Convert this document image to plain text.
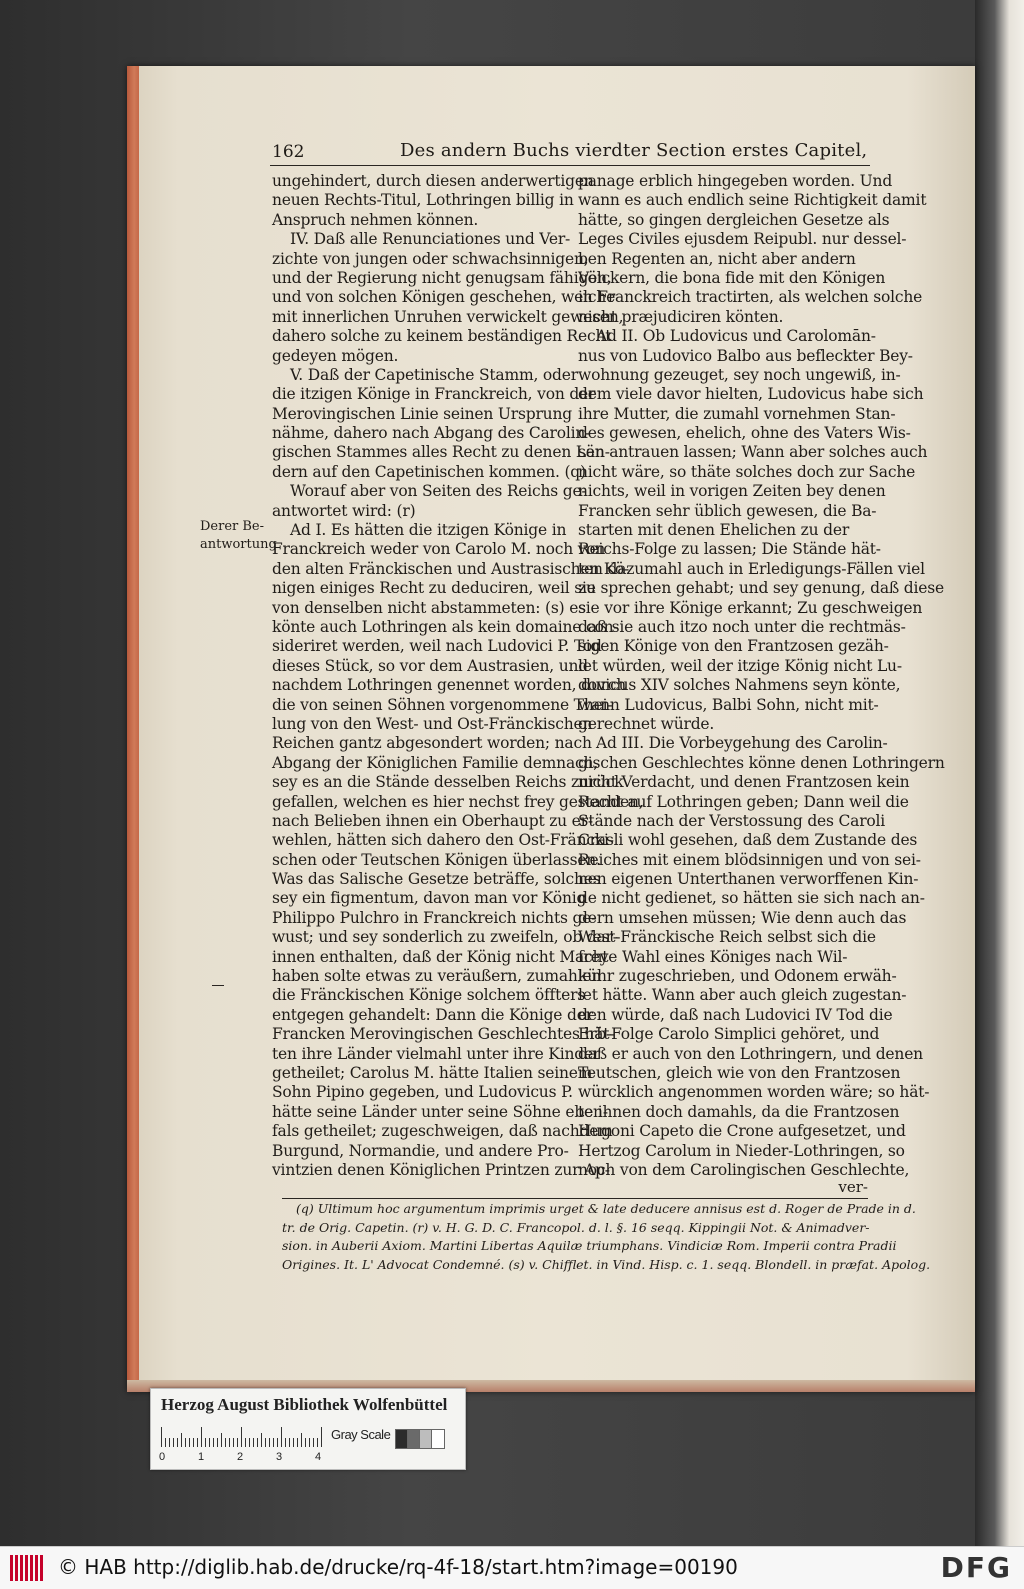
162	Des andern Buchs vierdter Section erstes Capitel,
Derer Be-
antwortung
ungehindert, durch diesen anderwertigen
neuen Rechts-Titul, Lothringen billig in
Anspruch nehmen können.
IV. Daß alle Renunciationes und Ver-
zichte von jungen oder schwachsinnigen,
und der Regierung nicht genugsam fähigen,
und von solchen Königen geschehen, welche
mit innerlichen Unruhen verwickelt gewesen,
dahero solche zu keinem beständigen Recht
gedeyen mögen.
V. Daß der Capetinische Stamm, oder
die itzigen Könige in Franckreich, von der
Merovingischen Linie seinen Ursprung
nähme, dahero nach Abgang des Carolin-
gischen Stammes alles Recht zu denen Län-
dern auf den Capetinischen kommen. (q)
Worauf aber von Seiten des Reichs ge-
antwortet wird: (r)
Ad I. Es hätten die itzigen Könige in
Franckreich weder von Carolo M. noch von
den alten Fränckischen und Austrasischen Kö-
nigen einiges Recht zu deduciren, weil sie
von denselben nicht abstammeten: (s) es
könte auch Lothringen als kein domaine con-
sideriret werden, weil nach Ludovici P. Tod
dieses Stück, so vor dem Austrasien, und
nachdem Lothringen genennet worden, durch
die von seinen Söhnen vorgenommene Thei-
lung von den West- und Ost-Fränckischen
Reichen gantz abgesondert worden; nach
Abgang der Königlichen Familie demnach,
sey es an die Stände desselben Reichs zurück
gefallen, welchen es hier nechst frey gestanden,
nach Belieben ihnen ein Oberhaupt zu er-
wehlen, hätten sich dahero den Ost-Fräncki-
schen oder Teutschen Königen überlassen.
Was das Salische Gesetze beträffe, solches
sey ein figmentum, davon man vor König
Philippo Pulchro in Franckreich nichts ge-
wust; und sey sonderlich zu zweifeln, ob dar-
innen enthalten, daß der König nicht Macht
haben solte etwas zu veräußern, zumahlen
die Fränckischen Könige solchem öffters
entgegen gehandelt: Dann die Könige der
Francken Merovingischen Geschlechtes hät-
ten ihre Länder vielmahl unter ihre Kinder
getheilet; Carolus M. hätte Italien seinem
Sohn Pipino gegeben, und Ludovicus P.
hätte seine Länder unter seine Söhne eben-
fals getheilet; zugeschweigen, daß nachdem
Burgund, Normandie, und andere Pro-
vintzien denen Königlichen Printzen zur Ap-
panage erblich hingegeben worden. Und
wann es auch endlich seine Richtigkeit damit
hätte, so gingen dergleichen Gesetze als
Leges Civiles ejusdem Reipubl. nur dessel-
ben Regenten an, nicht aber andern
Völckern, die bona fide mit den Königen
in Franckreich tractirten, als welchen solche
nicht præjudiciren könten.
Ad II. Ob Ludovicus und Carolomān-
nus von Ludovico Balbo aus befleckter Bey-
wohnung gezeuget, sey noch ungewiß, in-
dem viele davor hielten, Ludovicus habe sich
ihre Mutter, die zumahl vornehmen Stan-
des gewesen, ehelich, ohne des Vaters Wis-
sen antrauen lassen; Wann aber solches auch
nicht wäre, so thäte solches doch zur Sache
nichts, weil in vorigen Zeiten bey denen
Francken sehr üblich gewesen, die Ba-
starten mit denen Ehelichen zu der
Reichs-Folge zu lassen; Die Stände hät-
ten dazumahl auch in Erledigungs-Fällen viel
zu sprechen gehabt; und sey genung, daß diese
sie vor ihre Könige erkannt; Zu geschweigen
daß sie auch itzo noch unter die rechtmäs-
sigen Könige von den Frantzosen gezäh-
let würden, weil der itzige König nicht Lu-
dovicus XIV solches Nahmens seyn könte,
wann Ludovicus, Balbi Sohn, nicht mit-
gerechnet würde.
Ad III. Die Vorbeygehung des Carolin-
gischen Geschlechtes könne denen Lothringern
nicht Verdacht, und denen Frantzosen kein
Recht auf Lothringen geben; Dann weil die
Stände nach der Verstossung des Caroli
Crasli wohl gesehen, daß dem Zustande des
Reiches mit einem blödsinnigen und von sei-
nen eigenen Unterthanen verworffenen Kin-
de nicht gedienet, so hätten sie sich nach an-
dern umsehen müssen; Wie denn auch das
West-Fränckische Reich selbst sich die
freye Wahl eines Königes nach Wil-
kühr zugeschrieben, und Odonem erwäh-
let hätte. Wann aber auch gleich zugestan-
den würde, daß nach Ludovici IV Tod die
Erb-Folge Carolo Simplici gehöret, und
daß er auch von den Lothringern, und denen
Teutschen, gleich wie von den Frantzosen
würcklich angenommen worden wäre; so hät-
te ihnen doch damahls, da die Frantzosen
Hugoni Capeto die Crone aufgesetzet, und
Hertzog Carolum in Nieder-Lothringen, so
noch von dem Carolingischen Geschlechte,
ver-
(q) Ultimum hoc argumentum imprimis urget & late deducere annisus est d. Roger de Prade in d.
tr. de Orig. Capetin. (r) v. H. G. D. C. Francopol. d. l. §. 16 seqq. Kippingii Not. & Animadver-
sion. in Auberii Axiom. Martini Libertas Aquilæ triumphans. Vindiciæ Rom. Imperii contra Pradii
Origines. It. L' Advocat Condemné. (s) v. Chifflet. in Vind. Hisp. c. 1. seqq. Blondell. in præfat. Apolog.
Herzog August Bibliothek Wolfenbüttel
0	1	2	3	4
Gray Scale
© HAB http://diglib.hab.de/drucke/rq-4f-18/start.htm?image=00190	DFG
